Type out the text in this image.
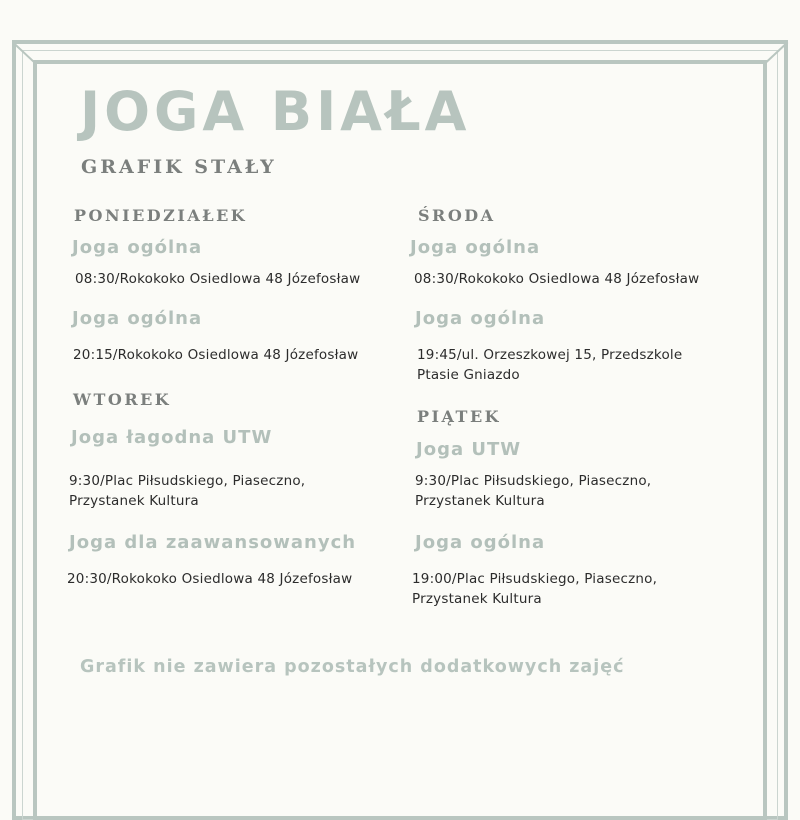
JOGA BIAŁA
GRAFIK STAŁY
PONIEDZIAŁEK
Joga ogólna
08:30/Rokokoko Osiedlowa 48 Józefosław
Joga ogólna
20:15/Rokokoko Osiedlowa 48 Józefosław
WTOREK
Joga łagodna UTW
9:30/Plac Piłsudskiego, Piaseczno,
Przystanek Kultura
Joga dla zaawansowanych
20:30/Rokokoko Osiedlowa 48 Józefosław
ŚRODA
Joga ogólna
08:30/Rokokoko Osiedlowa 48 Józefosław
Joga ogólna
19:45/ul. Orzeszkowej 15, Przedszkole
Ptasie Gniazdo
PIĄTEK
Joga UTW
9:30/Plac Piłsudskiego, Piaseczno,
Przystanek Kultura
Joga ogólna
19:00/Plac Piłsudskiego, Piaseczno,
Przystanek Kultura
Grafik nie zawiera pozostałych dodatkowych zajęć
